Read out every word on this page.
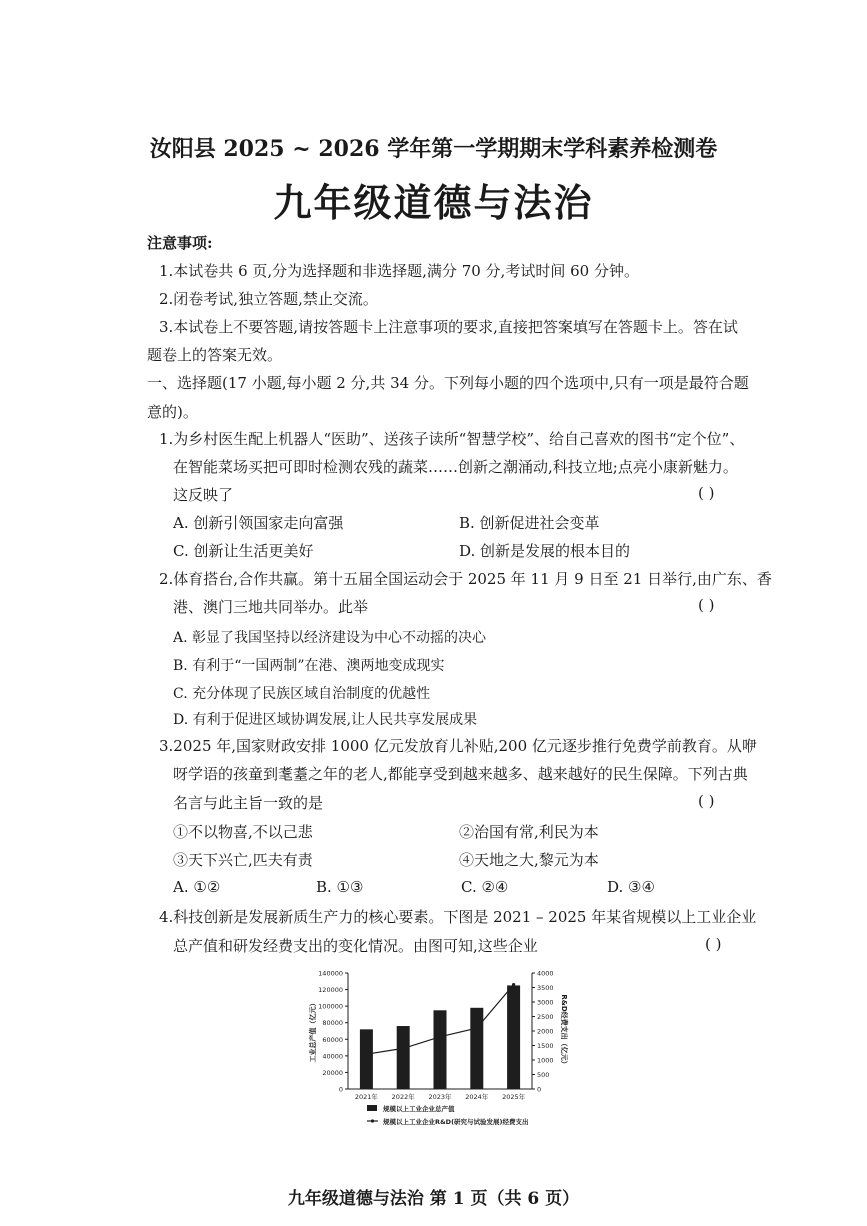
汝阳县 2025 ~ 2026 学年第一学期期末学科素养检测卷
九年级道德与法治
注意事项:
1.本试卷共 6 页,分为选择题和非选择题,满分 70 分,考试时间 60 分钟。
2.闭卷考试,独立答题,禁止交流。
3.本试卷上不要答题,请按答题卡上注意事项的要求,直接把答案填写在答题卡上。答在试
题卷上的答案无效。
一、选择题(17 小题,每小题 2 分,共 34 分。下列每小题的四个选项中,只有一项是最符合题
意的)。
1.为乡村医生配上机器人“医助”、送孩子读所“智慧学校”、给自己喜欢的图书“定个位”、
在智能菜场买把可即时检测农残的蔬菜……创新之潮涌动,科技立地;点亮小康新魅力。
这反映了	( )
A. 创新引领国家走向富强	B. 创新促进社会变革
C. 创新让生活更美好	D. 创新是发展的根本目的
2.体育搭台,合作共赢。第十五届全国运动会于 2025 年 11 月 9 日至 21 日举行,由广东、香
港、澳门三地共同举办。此举	( )
A. 彰显了我国坚持以经济建设为中心不动摇的决心
B. 有利于“一国两制”在港、澳两地变成现实
C. 充分体现了民族区域自治制度的优越性
D. 有利于促进区域协调发展,让人民共享发展成果
3.2025 年,国家财政安排 1000 亿元发放育儿补贴,200 亿元逐步推行免费学前教育。从咿
呀学语的孩童到耄耋之年的老人,都能享受到越来越多、越来越好的民生保障。下列古典
名言与此主旨一致的是	( )
①不以物喜,不以己悲	②治国有常,利民为本
③天下兴亡,匹夫有责	④天地之大,黎元为本
A. ①②	B. ①③	C. ②④	D. ③④
4.科技创新是发展新质生产力的核心要素。下图是 2021 – 2025 年某省规模以上工业企业
总产值和研发经费支出的变化情况。由图可知,这些企业	( )
0
20000
40000
60000
80000
100000
120000
140000
0
500
1000
1500
2000
2500
3000
3500
4000
工业总产值（亿元）	R&D经费支出（亿元）
2021年 2022年 2023年 2024年 2025年
规模以上工业企业总产值
规模以上工业企业R&D(研究与试验发展)经费支出
九年级道德与法治 第 1 页（共 6 页）
